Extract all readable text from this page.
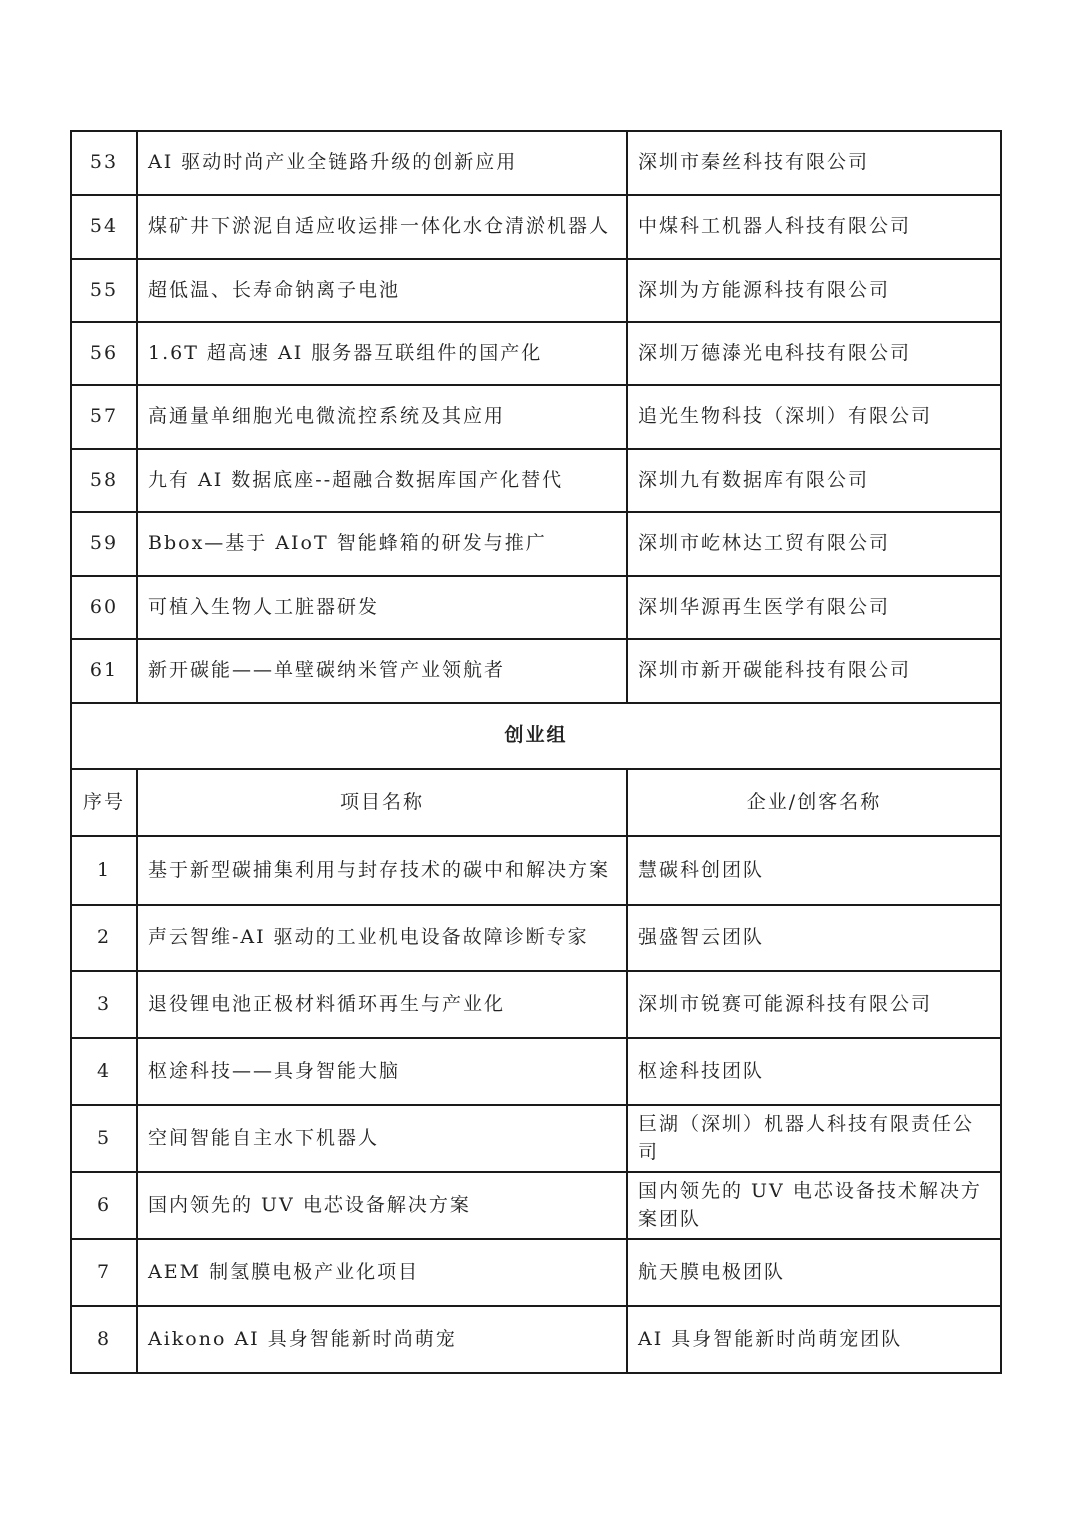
53	AI 驱动时尚产业全链路升级的创新应用	深圳市秦丝科技有限公司
54	煤矿井下淤泥自适应收运排一体化水仓清淤机器人	中煤科工机器人科技有限公司
55	超低温、长寿命钠离子电池	深圳为方能源科技有限公司
56	1.6T 超高速 AI 服务器互联组件的国产化	深圳万德溙光电科技有限公司
57	高通量单细胞光电微流控系统及其应用	追光生物科技（深圳）有限公司
58	九有 AI 数据底座--超融合数据库国产化替代	深圳九有数据库有限公司
59	Bbox—基于 AIoT 智能蜂箱的研发与推广	深圳市屹林达工贸有限公司
60	可植入生物人工脏器研发	深圳华源再生医学有限公司
61	新开碳能——单壁碳纳米管产业领航者	深圳市新开碳能科技有限公司
创业组		
序号	项目名称	企业/创客名称
1	基于新型碳捕集利用与封存技术的碳中和解决方案	慧碳科创团队
2	声云智维-AI 驱动的工业机电设备故障诊断专家	强盛智云团队
3	退役锂电池正极材料循环再生与产业化	深圳市锐赛可能源科技有限公司
4	枢途科技——具身智能大脑	枢途科技团队
5	空间智能自主水下机器人	巨湖（深圳）机器人科技有限责任公司
6	国内领先的 UV 电芯设备解决方案	国内领先的 UV 电芯设备技术解决方案团队
7	AEM 制氢膜电极产业化项目	航天膜电极团队
8	Aikono AI 具身智能新时尚萌宠	AI 具身智能新时尚萌宠团队
